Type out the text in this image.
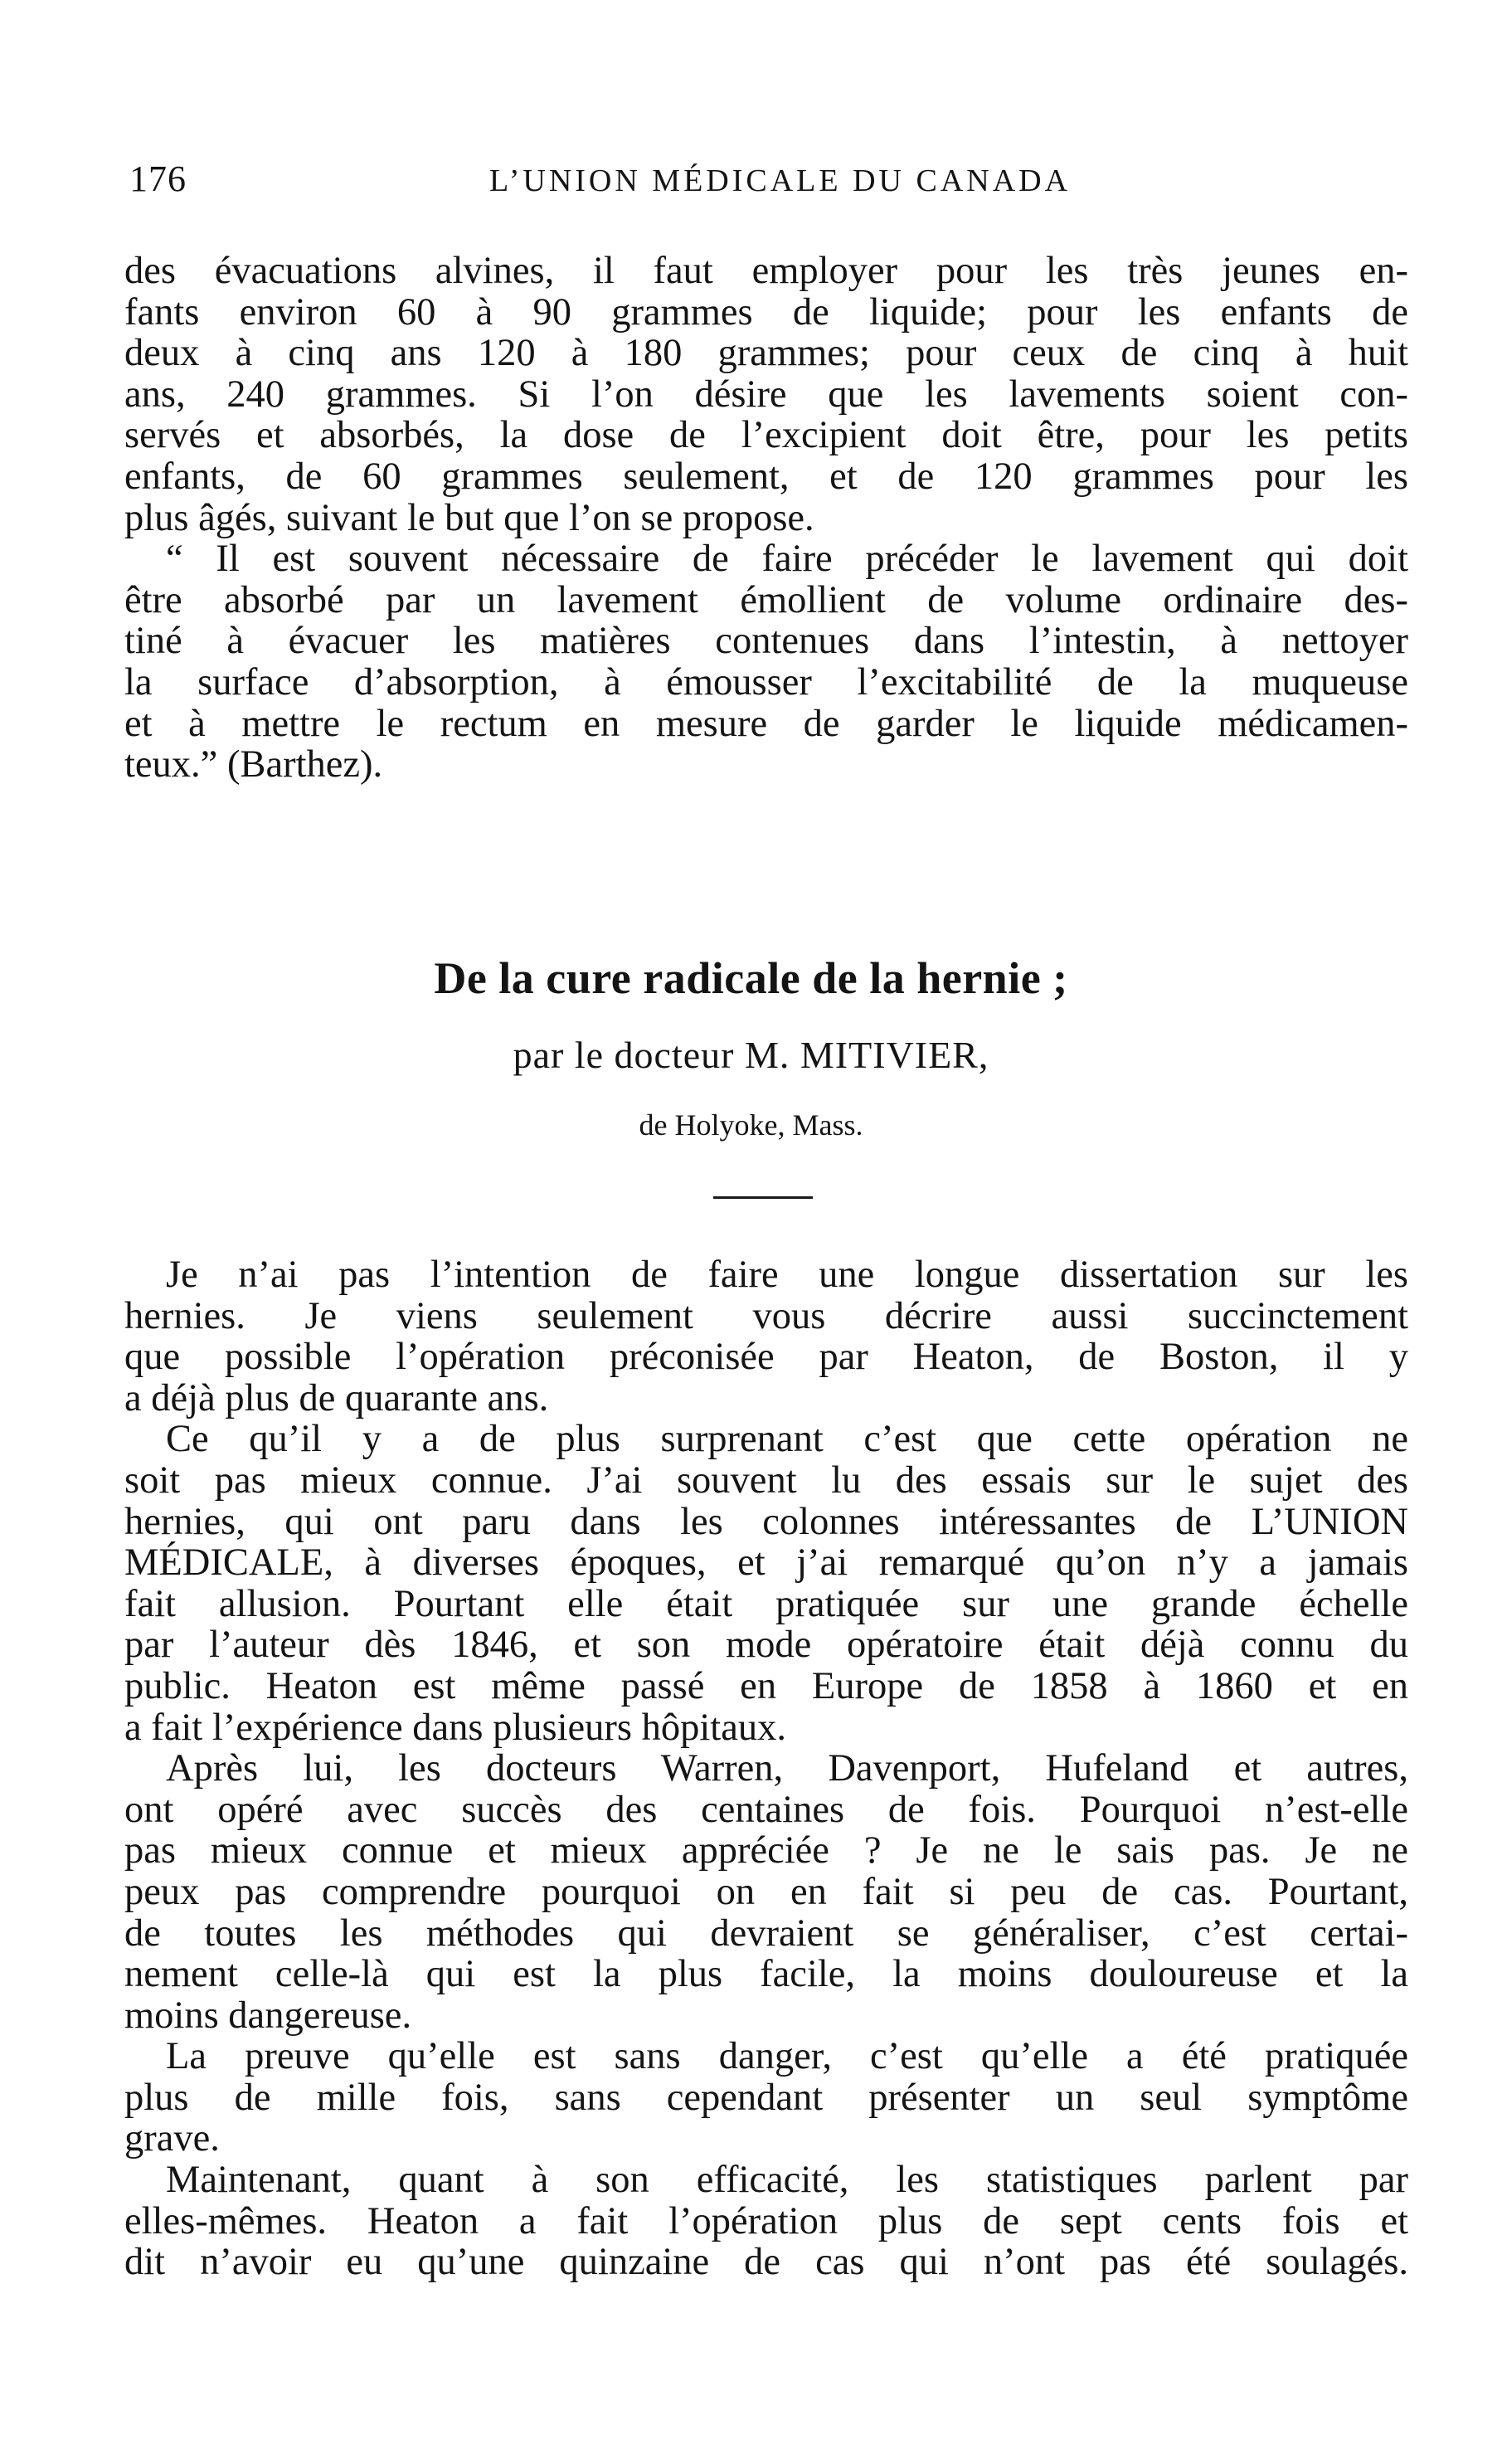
176	L’UNION MÉDICALE DU CANADA
des évacuations alvines, il faut employer pour les très jeunes en-
fants environ 60 à 90 grammes de liquide; pour les enfants de
deux à cinq ans 120 à 180 grammes; pour ceux de cinq à huit
ans, 240 grammes. Si l’on désire que les lavements soient con-
servés et absorbés, la dose de l’excipient doit être, pour les petits
enfants, de 60 grammes seulement, et de 120 grammes pour les
plus âgés, suivant le but que l’on se propose.
“ Il est souvent nécessaire de faire précéder le lavement qui doit
être absorbé par un lavement émollient de volume ordinaire des-
tiné à évacuer les matières contenues dans l’intestin, à nettoyer
la surface d’absorption, à émousser l’excitabilité de la muqueuse
et à mettre le rectum en mesure de garder le liquide médicamen-
teux.” (Barthez).
De la cure radicale de la hernie ;
par le docteur M. MITIVIER,
de Holyoke, Mass.
Je n’ai pas l’intention de faire une longue dissertation sur les
hernies. Je viens seulement vous décrire aussi succinctement
que possible l’opération préconisée par Heaton, de Boston, il y
a déjà plus de quarante ans.
Ce qu’il y a de plus surprenant c’est que cette opération ne
soit pas mieux connue. J’ai souvent lu des essais sur le sujet des
hernies, qui ont paru dans les colonnes intéressantes de L’UNION
MÉDICALE, à diverses époques, et j’ai remarqué qu’on n’y a jamais
fait allusion. Pourtant elle était pratiquée sur une grande échelle
par l’auteur dès 1846, et son mode opératoire était déjà connu du
public. Heaton est même passé en Europe de 1858 à 1860 et en
a fait l’expérience dans plusieurs hôpitaux.
Après lui, les docteurs Warren, Davenport, Hufeland et autres,
ont opéré avec succès des centaines de fois. Pourquoi n’est-elle
pas mieux connue et mieux appréciée ? Je ne le sais pas. Je ne
peux pas comprendre pourquoi on en fait si peu de cas. Pourtant,
de toutes les méthodes qui devraient se généraliser, c’est certai-
nement celle-là qui est la plus facile, la moins douloureuse et la
moins dangereuse.
La preuve qu’elle est sans danger, c’est qu’elle a été pratiquée
plus de mille fois, sans cependant présenter un seul symptôme
grave.
Maintenant, quant à son efficacité, les statistiques parlent par
elles-mêmes. Heaton a fait l’opération plus de sept cents fois et
dit n’avoir eu qu’une quinzaine de cas qui n’ont pas été soulagés.
